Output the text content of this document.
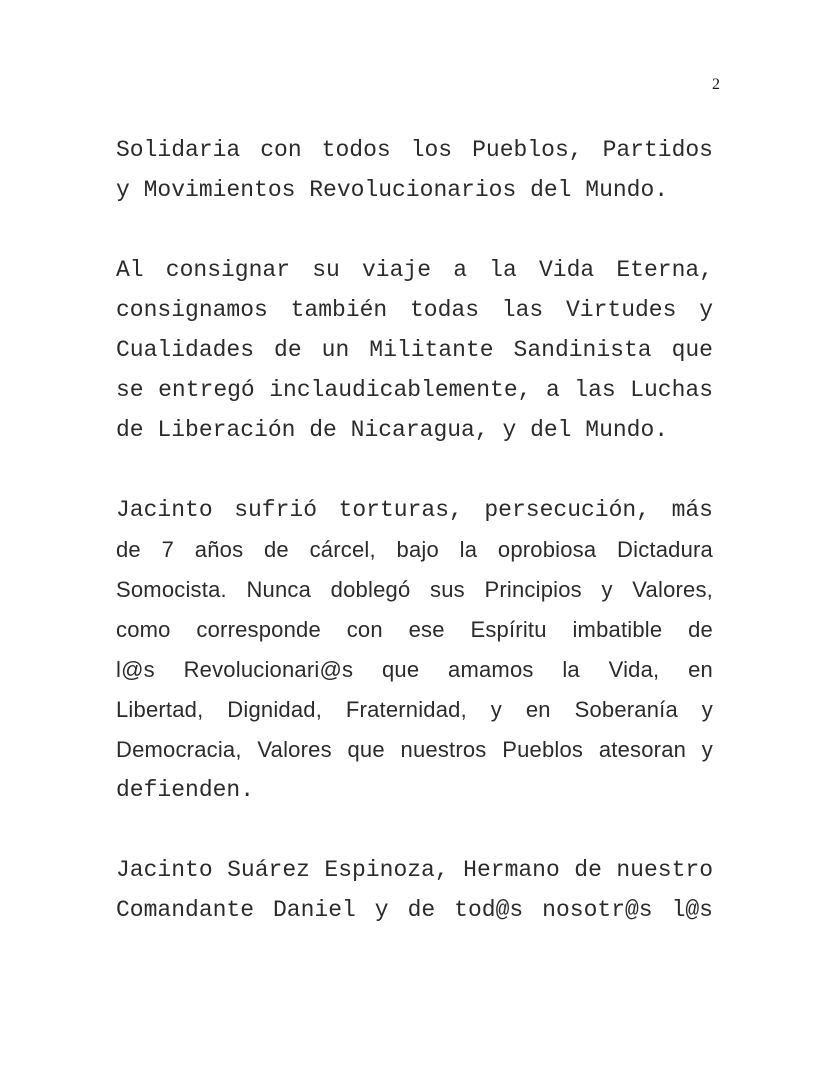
2

Solidaria con todos los Pueblos, Partidos
y Movimientos Revolucionarios del Mundo.

Al consignar su viaje a la Vida Eterna,
consignamos también todas las Virtudes y
Cualidades de un Militante Sandinista que
se entregó inclaudicablemente, a las Luchas
de Liberación de Nicaragua, y del Mundo.

Jacinto sufrió torturas, persecución, más
de 7 años de cárcel, bajo la oprobiosa Dictadura
Somocista. Nunca doblegó sus Principios y Valores,
como corresponde con ese Espíritu imbatible de
l@s Revolucionari@s que amamos la Vida, en
Libertad, Dignidad, Fraternidad, y en Soberanía y
Democracia, Valores que nuestros Pueblos atesoran y
defienden.

Jacinto Suárez Espinoza, Hermano de nuestro
Comandante Daniel y de tod@s nosotr@s l@s
